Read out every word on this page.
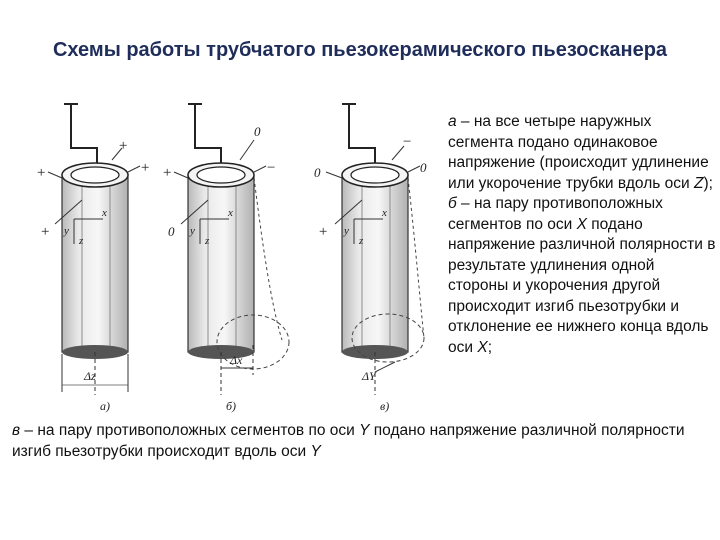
Схемы работы трубчатого пьезокерамического пьезосканера
x
y
z
+	+
+
+
Δz
а)
x
y
z
+	−
0
0
Δx
б)
x
y
z
0	0
+
−
ΔY
в)
а – на все четыре наружных сегмента подано одинаковое напряжение (происходит удлинение или укорочение трубки вдоль оси Z); б – на пару противоположных сегментов по оси X подано напряжение различной полярности в результате удлинения одной стороны и укорочения другой происходит изгиб пьезотрубки и отклонение ее нижнего конца вдоль оси X;
в – на пару противоположных сегментов по оси Y подано напряжение различной полярности изгиб пьезотрубки происходит вдоль оси Y
